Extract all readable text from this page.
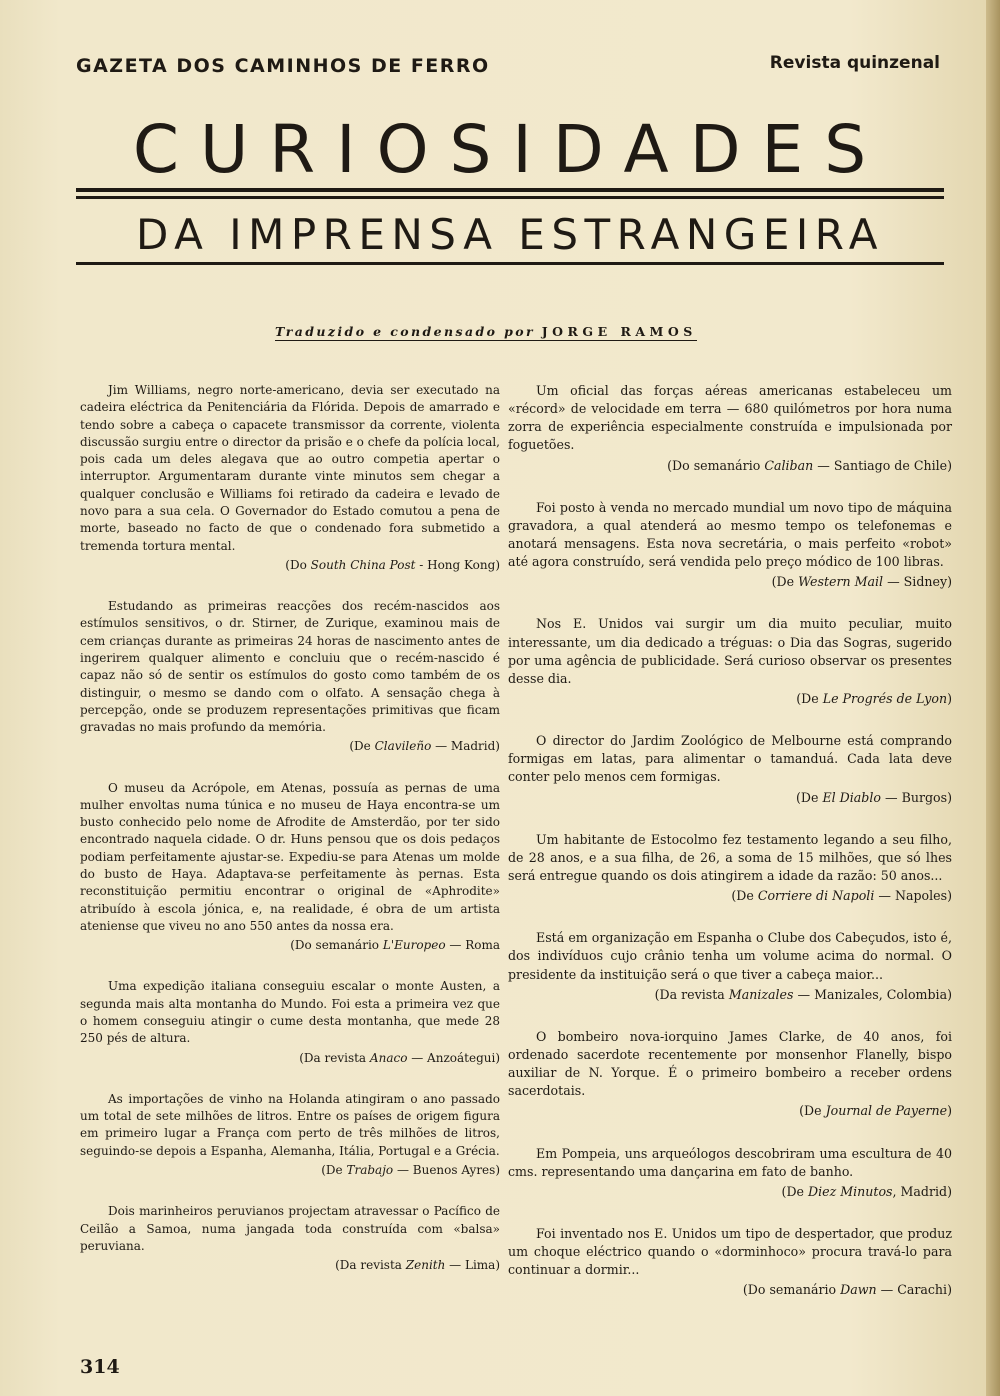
GAZETA DOS CAMINHOS DE FERRO	Revista quinzenal
CURIOSIDADES
DA IMPRENSA ESTRANGEIRA
Traduzido e condensado por JORGE RAMOS

Jim Williams, negro norte-americano, devia ser executado na cadeira eléctrica da Penitenciária da Flórida. Depois de amarrado e tendo sobre a cabeça o capacete transmissor da corrente, violenta discussão surgiu entre o director da prisão e o chefe da polícia local, pois cada um deles alegava que ao outro competia apertar o interruptor. Argumentaram durante vinte minutos sem chegar a qualquer conclusão e Williams foi retirado da cadeira e levado de novo para a sua cela. O Governador do Estado comutou a pena de morte, baseado no facto de que o condenado fora submetido a tremenda tortura mental.

(Do South China Post - Hong Kong)

Estudando as primeiras reacções dos recém-nascidos aos estímulos sensitivos, o dr. Stirner, de Zurique, examinou mais de cem crianças durante as primeiras 24 horas de nascimento antes de ingerirem qualquer alimento e concluiu que o recém-nascido é capaz não só de sentir os estímulos do gosto como também de os distinguir, o mesmo se dando com o olfato. A sensação chega à percepção, onde se produzem representações primitivas que ficam gravadas no mais profundo da memória.

(De Clavileño — Madrid)

O museu da Acrópole, em Atenas, possuía as pernas de uma mulher envoltas numa túnica e no museu de Haya encontra-se um busto conhecido pelo nome de Afrodite de Amsterdão, por ter sido encontrado naquela cidade. O dr. Huns pensou que os dois pedaços podiam perfeitamente ajustar-se. Expediu-se para Atenas um molde do busto de Haya. Adaptava-se perfeitamente às pernas. Esta reconstituição permitiu encontrar o original de «Aphrodite» atribuído à escola jónica, e, na realidade, é obra de um artista ateniense que viveu no ano 550 antes da nossa era.

(Do semanário L'Europeo — Roma

Uma expedição italiana conseguiu escalar o monte Austen, a segunda mais alta montanha do Mundo. Foi esta a primeira vez que o homem conseguiu atingir o cume desta montanha, que mede 28 250 pés de altura.

(Da revista Anaco — Anzoátegui)

As importações de vinho na Holanda atingiram o ano passado um total de sete milhões de litros. Entre os países de origem figura em primeiro lugar a França com perto de três milhões de litros, seguindo-se depois a Espanha, Alemanha, Itália, Portugal e a Grécia.

(De Trabajo — Buenos Ayres)

Dois marinheiros peruvianos projectam atravessar o Pacífico de Ceilão a Samoa, numa jangada toda construída com «balsa» peruviana.

(Da revista Zenith — Lima)

Um oficial das forças aéreas americanas estabeleceu um «récord» de velocidade em terra — 680 quilómetros por hora numa zorra de experiência especialmente construída e impulsionada por foguetões.

(Do semanário Caliban — Santiago de Chile)

Foi posto à venda no mercado mundial um novo tipo de máquina gravadora, a qual atenderá ao mesmo tempo os telefonemas e anotará mensagens. Esta nova secretária, o mais perfeito «robot» até agora construído, será vendida pelo preço módico de 100 libras.

(De Western Mail — Sidney)

Nos E. Unidos vai surgir um dia muito peculiar, muito interessante, um dia dedicado a tréguas: o Dia das Sogras, sugerido por uma agência de publicidade. Será curioso observar os presentes desse dia.

(De Le Progrés de Lyon)

O director do Jardim Zoológico de Melbourne está comprando formigas em latas, para alimentar o tamanduá. Cada lata deve conter pelo menos cem formigas.

(De El Diablo — Burgos)

Um habitante de Estocolmo fez testamento legando a seu filho, de 28 anos, e a sua filha, de 26, a soma de 15 milhões, que só lhes será entregue quando os dois atingirem a idade da razão: 50 anos...

(De Corriere di Napoli — Napoles)

Está em organização em Espanha o Clube dos Cabeçudos, isto é, dos indivíduos cujo crânio tenha um volume acima do normal. O presidente da instituição será o que tiver a cabeça maior...

(Da revista Manizales — Manizales, Colombia)

O bombeiro nova-iorquino James Clarke, de 40 anos, foi ordenado sacerdote recentemente por monsenhor Flanelly, bispo auxiliar de N. Yorque. É o primeiro bombeiro a receber ordens sacerdotais.

(De Journal de Payerne)

Em Pompeia, uns arqueólogos descobriram uma escultura de 40 cms. representando uma dançarina em fato de banho.

(De Diez Minutos, Madrid)

Foi inventado nos E. Unidos um tipo de despertador, que produz um choque eléctrico quando o «dorminhoco» procura travá-lo para continuar a dormir...

(Do semanário Dawn — Carachi)
314
